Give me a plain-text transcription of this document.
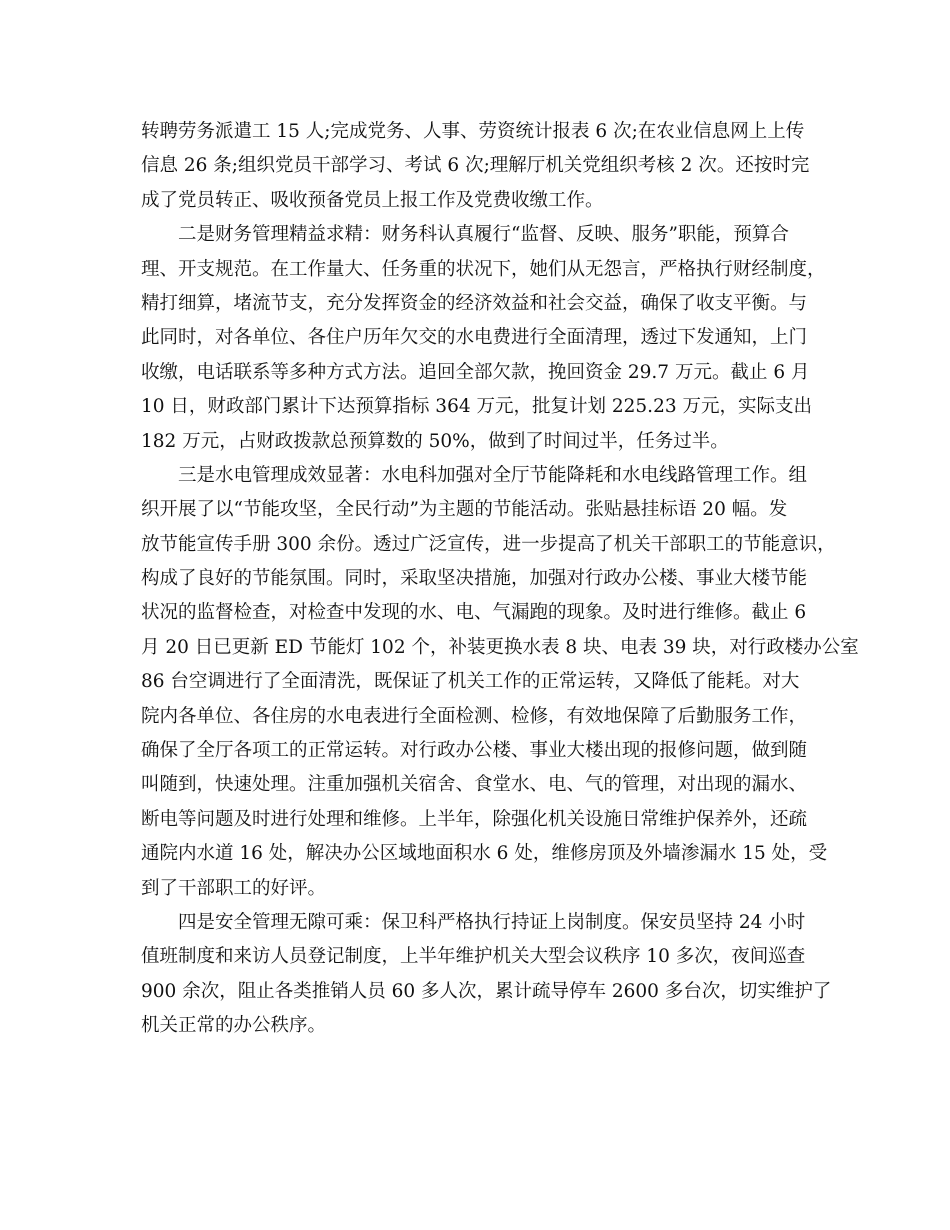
转聘劳务派遣工 15 人;完成党务、人事、劳资统计报表 6 次;在农业信息网上上传
信息 26 条;组织党员干部学习、考试 6 次;理解厅机关党组织考核 2 次。还按时完
成了党员转正、吸收预备党员上报工作及党费收缴工作。
二是财务管理精益求精：财务科认真履行“监督、反映、服务”职能，预算合
理、开支规范。在工作量大、任务重的状况下，她们从无怨言，严格执行财经制度，
精打细算，堵流节支，充分发挥资金的经济效益和社会交益，确保了收支平衡。与
此同时，对各单位、各住户历年欠交的水电费进行全面清理，透过下发通知，上门
收缴，电话联系等多种方式方法。追回全部欠款，挽回资金 29.7 万元。截止 6 月
10 日，财政部门累计下达预算指标 364 万元，批复计划 225.23 万元，实际支出
182 万元，占财政拨款总预算数的 50%，做到了时间过半，任务过半。
三是水电管理成效显著：水电科加强对全厅节能降耗和水电线路管理工作。组
织开展了以“节能攻坚，全民行动”为主题的节能活动。张贴悬挂标语 20 幅。发
放节能宣传手册 300 余份。透过广泛宣传，进一步提高了机关干部职工的节能意识，
构成了良好的节能氛围。同时，采取坚决措施，加强对行政办公楼、事业大楼节能
状况的监督检查，对检查中发现的水、电、气漏跑的现象。及时进行维修。截止 6
月 20 日已更新 ED 节能灯 102 个，补装更换水表 8 块、电表 39 块，对行政楼办公室
86 台空调进行了全面清洗，既保证了机关工作的正常运转，又降低了能耗。对大
院内各单位、各住房的水电表进行全面检测、检修，有效地保障了后勤服务工作，
确保了全厅各项工的正常运转。对行政办公楼、事业大楼出现的报修问题，做到随
叫随到，快速处理。注重加强机关宿舍、食堂水、电、气的管理，对出现的漏水、
断电等问题及时进行处理和维修。上半年，除强化机关设施日常维护保养外，还疏
通院内水道 16 处，解决办公区域地面积水 6 处，维修房顶及外墙渗漏水 15 处，受
到了干部职工的好评。
四是安全管理无隙可乘：保卫科严格执行持证上岗制度。保安员坚持 24 小时
值班制度和来访人员登记制度，上半年维护机关大型会议秩序 10 多次，夜间巡查
900 余次，阻止各类推销人员 60 多人次，累计疏导停车 2600 多台次，切实维护了
机关正常的办公秩序。
